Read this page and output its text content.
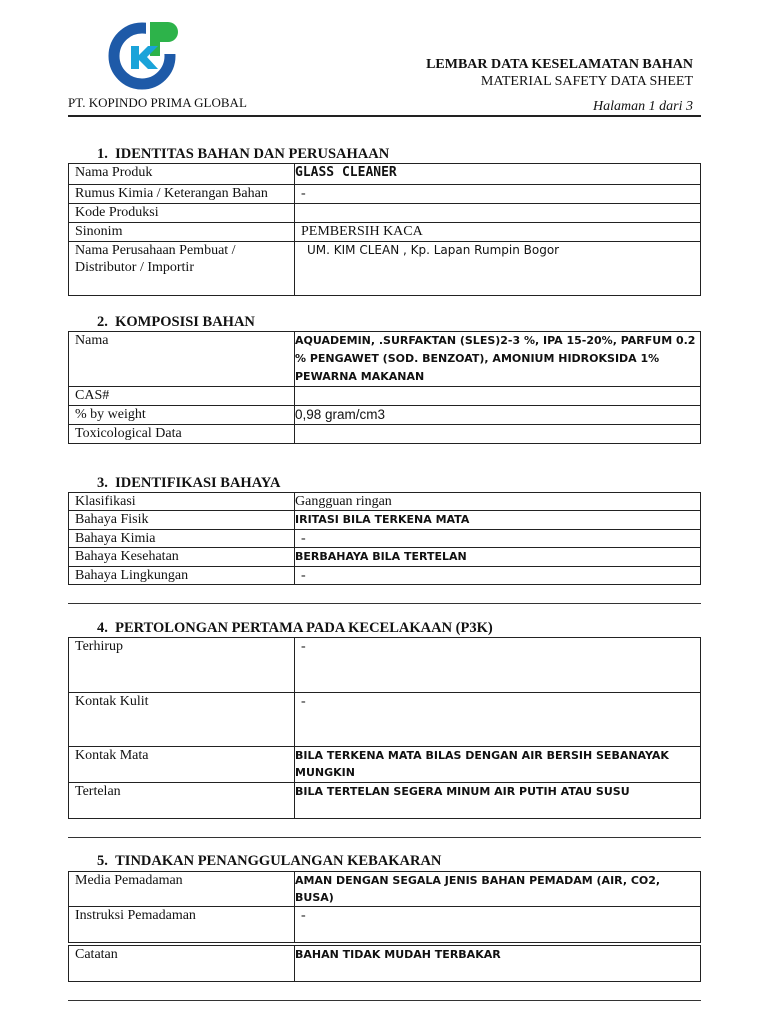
PT. KOPINDO PRIMA GLOBAL
LEMBAR DATA KESELAMATAN BAHAN
MATERIAL SAFETY DATA SHEET
Halaman 1 dari 3
1.  IDENTITAS BAHAN DAN PERUSAHAAN
Nama Produk	GLASS CLEANER
Rumus Kimia / Keterangan Bahan	-
Kode Produksi	
Sinonim	PEMBERSIH KACA

Nama Perusahaan Pembuat /
Distributor / Importir	UM. KIM CLEAN , Kp. Lapan Rumpin Bogor
2.  KOMPOSISI BAHAN
Nama	AQUADEMIN, .SURFAKTAN (SLES)2-3 %, IPA 15-20%, PARFUM 0.2 % PENGAWET (SOD. BENZOAT), AMONIUM HIDROKSIDA 1% PEWARNA MAKANAN
CAS#	
% by weight	0,98 gram/cm3
Toxicological Data	
3.  IDENTIFIKASI BAHAYA
Klasifikasi	Gangguan ringan
Bahaya Fisik	IRITASI BILA TERKENA MATA
Bahaya Kimia	-
Bahaya Kesehatan	BERBAHAYA BILA TERTELAN
Bahaya Lingkungan	-
4.  PERTOLONGAN PERTAMA PADA KECELAKAAN (P3K)
Terhirup	-
Kontak Kulit	-
Kontak Mata	BILA TERKENA MATA BILAS DENGAN AIR BERSIH SEBANAYAK MUNGKIN
Tertelan	BILA TERTELAN SEGERA MINUM AIR PUTIH ATAU SUSU
5.  TINDAKAN PENANGGULANGAN KEBAKARAN
Media Pemadaman	AMAN DENGAN SEGALA JENIS BAHAN PEMADAM (AIR, CO2, BUSA)
Instruksi Pemadaman	-
Catatan	BAHAN TIDAK MUDAH TERBAKAR
